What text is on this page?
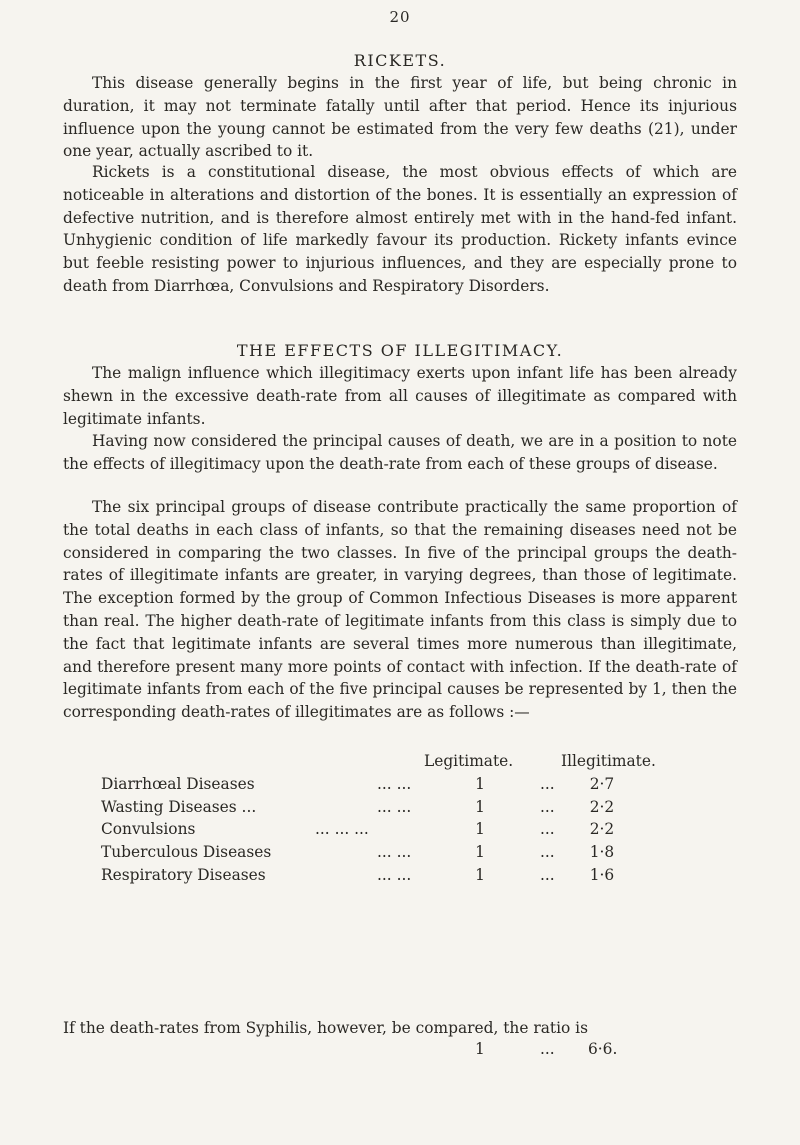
20
RICKETS.

This disease generally begins in the first year of life, but being chronic in duration, it may not terminate fatally until after that period. Hence its injurious influence upon the young cannot be estimated from the very few deaths (21), under one year, actually ascribed to it.

Rickets is a constitutional disease, the most obvious effects of which are noticeable in alterations and distortion of the bones. It is essentially an expression of defective nutrition, and is therefore almost entirely met with in the hand-fed infant. Unhygienic condition of life markedly favour its production. Rickety infants evince but feeble resisting power to injurious influences, and they are especially prone to death from Diarrhœa, Convulsions and Respiratory Disorders.

THE EFFECTS OF ILLEGITIMACY.

The malign influence which illegitimacy exerts upon infant life has been already shewn in the excessive death-rate from all causes of illegitimate as compared with legitimate infants.

Having now considered the principal causes of death, we are in a position to note the effects of illegitimacy upon the death-rate from each of these groups of disease.

The six principal groups of disease contribute practically the same proportion of the total deaths in each class of infants, so that the remaining diseases need not be considered in comparing the two classes. In five of the principal groups the death-rates of illegitimate infants are greater, in varying degrees, than those of legitimate. The exception formed by the group of Common Infectious Diseases is more apparent than real. The higher death-rate of legitimate infants from this class is simply due to the fact that legitimate infants are several times more numerous than illegitimate, and therefore present many more points of contact with infection. If the death-rate of legitimate infants from each of the five principal causes be represented by 1, then the corresponding death-rates of illegitimates are as follows :—

Legitimate.	Illegitimate.
Diarrhœal Diseases	... ...	1	...	2·7
Wasting Diseases ...	... ...	1	...	2·2
Convulsions	... ... ...	1	...	2·2
Tuberculous Diseases	... ...	1	...	1·8
Respiratory Diseases	... ...	1	...	1·6

If the death-rates from Syphilis, however, be compared, the ratio is

1	... 6·6.
